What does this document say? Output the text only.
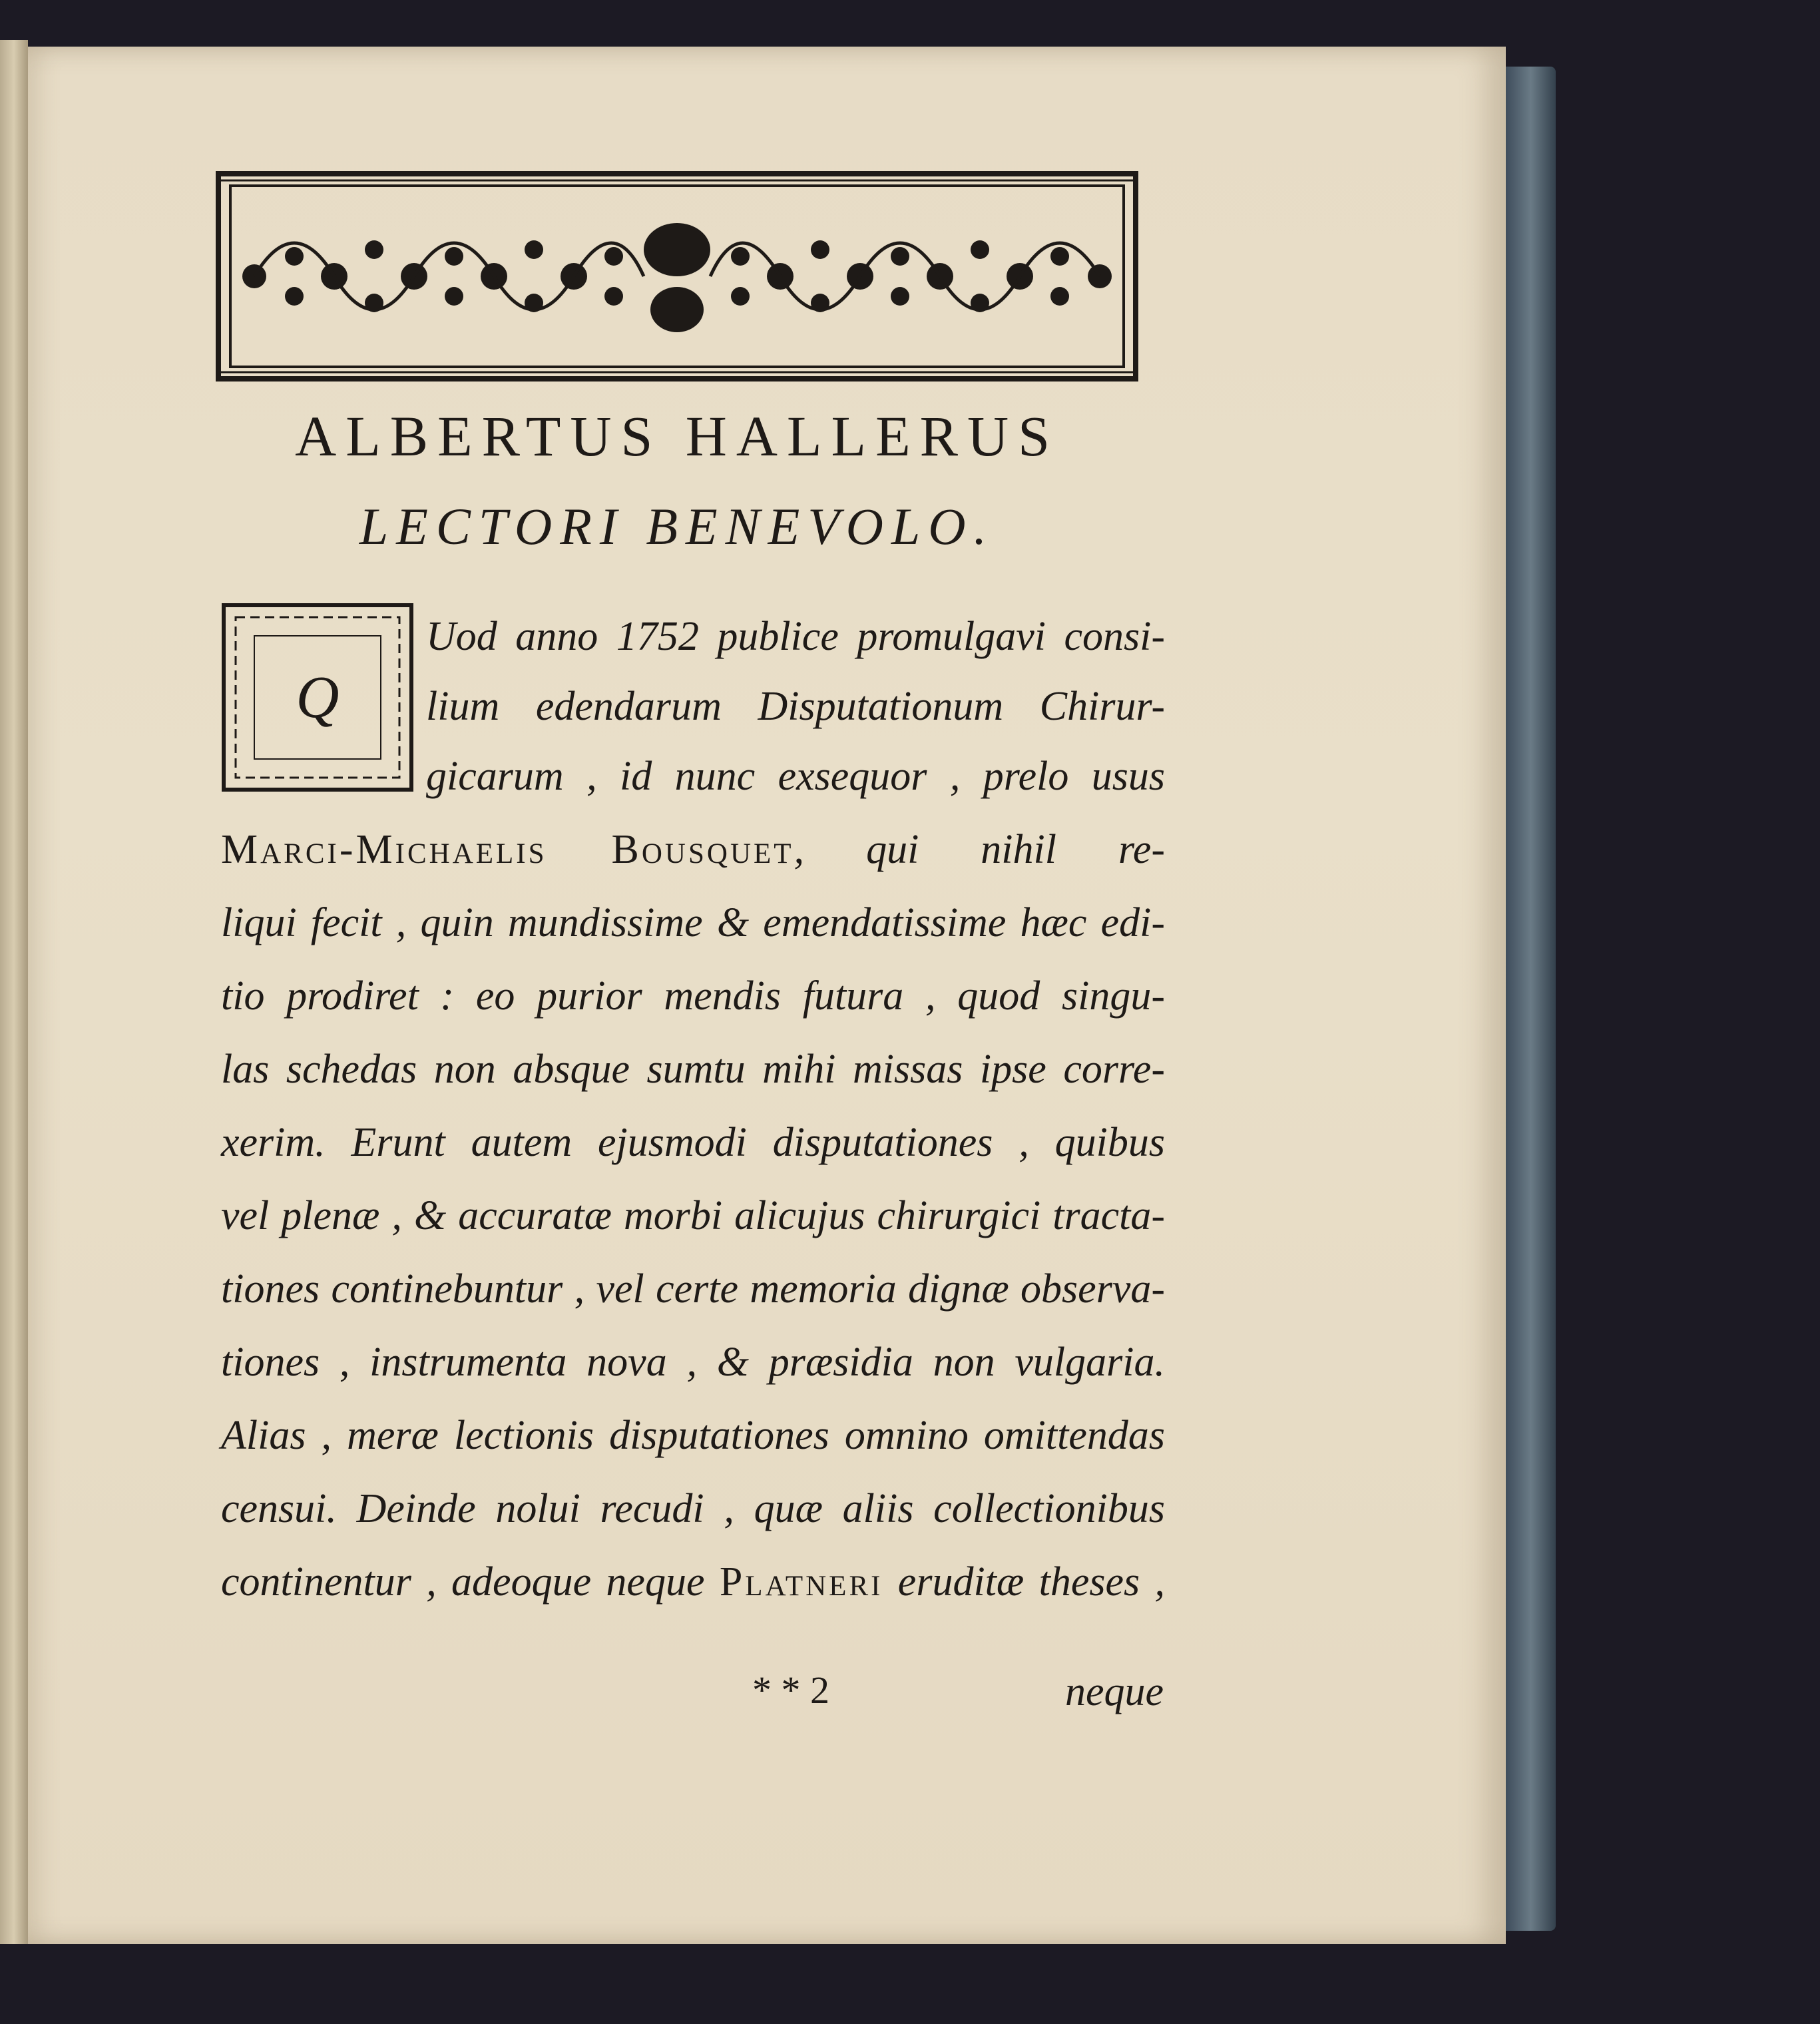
ALBERTUS HALLERUS
LECTORI BENEVOLO.
Q
Uod anno 1752 publice promulgavi consi-
lium edendarum Disputationum Chirur-
gicarum , id nunc exsequor , prelo usus
Marci-Michaelis Bousquet, qui nihil re-
liqui fecit , quin mundissime & emendatissime hæc edi-
tio prodiret : eo purior mendis futura , quod singu-
las schedas non absque sumtu mihi missas ipse corre-
xerim. Erunt autem ejusmodi disputationes , quibus
vel plenæ , & accuratæ morbi alicujus chirurgici tracta-
tiones continebuntur , vel certe memoria dignæ observa-
tiones , instrumenta nova , & præsidia non vulgaria.
Alias , meræ lectionis disputationes omnino omittendas
censui. Deinde nolui recudi , quæ aliis collectionibus
continentur , adeoque neque Platneri eruditæ theses ,
* * 2	neque
